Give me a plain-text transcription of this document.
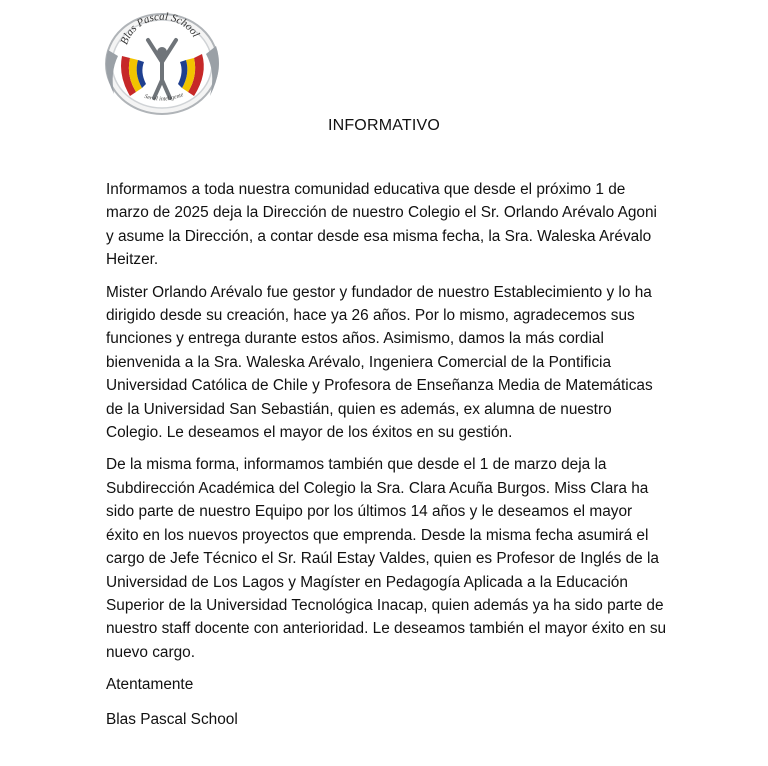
Blas Pascal School
Ser el inteligente
INFORMATIVO

Informamos a toda nuestra comunidad educativa que desde el próximo 1 de marzo de 2025 deja la Dirección de nuestro Colegio el Sr. Orlando Arévalo Agoni y asume la Dirección, a contar desde esa misma fecha, la Sra. Waleska Arévalo Heitzer.

Mister Orlando Arévalo fue gestor y fundador de nuestro Establecimiento y lo ha dirigido desde su creación, hace ya 26 años. Por lo mismo, agradecemos sus funciones y entrega durante estos años. Asimismo, damos la más cordial bienvenida a la Sra. Waleska Arévalo, Ingeniera Comercial de la Pontificia Universidad Católica de Chile y Profesora de Enseñanza Media de Matemáticas de la Universidad San Sebastián, quien es además, ex alumna de nuestro Colegio. Le deseamos el mayor de los éxitos en su gestión.

De la misma forma, informamos también que desde el 1 de marzo deja la Subdirección Académica del Colegio la Sra. Clara Acuña Burgos. Miss Clara ha sido parte de nuestro Equipo por los últimos 14 años y le deseamos el mayor éxito en los nuevos proyectos que emprenda. Desde la misma fecha asumirá el cargo de Jefe Técnico el Sr. Raúl Estay Valdes, quien es Profesor de Inglés de la Universidad de Los Lagos y Magíster en Pedagogía Aplicada a la Educación Superior de la Universidad Tecnológica Inacap, quien además ya ha sido parte de nuestro staff docente con anterioridad. Le deseamos también el mayor éxito en su nuevo cargo.

Atentamente

Blas Pascal School
